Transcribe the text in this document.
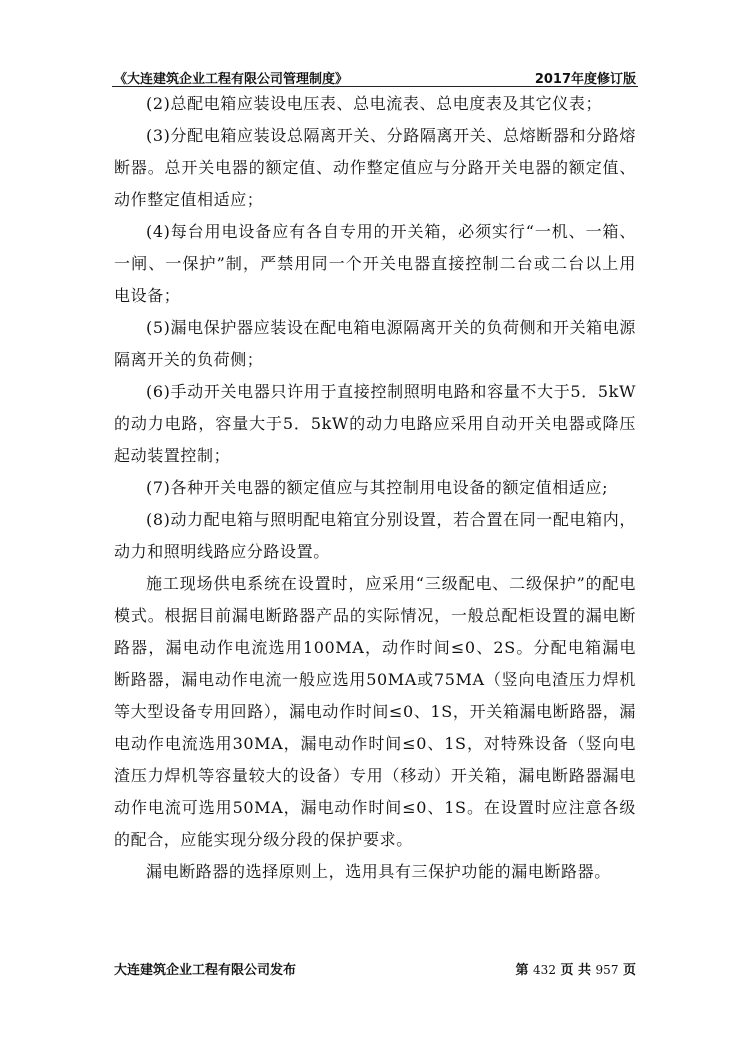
《大连建筑企业工程有限公司管理制度》	2017年度修订版

(2)总配电箱应装设电压表、总电流表、总电度表及其它仪表；

(3)分配电箱应装设总隔离开关、分路隔离开关、总熔断器和分路熔断器。总开关电器的额定值、动作整定值应与分路开关电器的额定值、动作整定值相适应；

(4)每台用电设备应有各自专用的开关箱，必须实行“一机、一箱、一闸、一保护”制，严禁用同一个开关电器直接控制二台或二台以上用电设备；

(5)漏电保护器应装设在配电箱电源隔离开关的负荷侧和开关箱电源隔离开关的负荷侧；

(6)手动开关电器只许用于直接控制照明电路和容量不大于5．5kW的动力电路，容量大于5．5kW的动力电路应采用自动开关电器或降压起动装置控制；

(7)各种开关电器的额定值应与其控制用电设备的额定值相适应;

(8)动力配电箱与照明配电箱宜分别设置，若合置在同一配电箱内，动力和照明线路应分路设置。

施工现场供电系统在设置时，应采用“三级配电、二级保护”的配电模式。根据目前漏电断路器产品的实际情况，一般总配柜设置的漏电断路器，漏电动作电流选用100MA，动作时间≤0、2S。分配电箱漏电断路器，漏电动作电流一般应选用50MA或75MA（竖向电渣压力焊机等大型设备专用回路），漏电动作时间≤0、1S，开关箱漏电断路器，漏电动作电流选用30MA，漏电动作时间≤0、1S，对特殊设备（竖向电渣压力焊机等容量较大的设备）专用（移动）开关箱，漏电断路器漏电动作电流可选用50MA，漏电动作时间≤0、1S。在设置时应注意各级的配合，应能实现分级分段的保护要求。

漏电断路器的选择原则上，选用具有三保护功能的漏电断路器。

大连建筑企业工程有限公司发布	第 432 页 共 957 页
